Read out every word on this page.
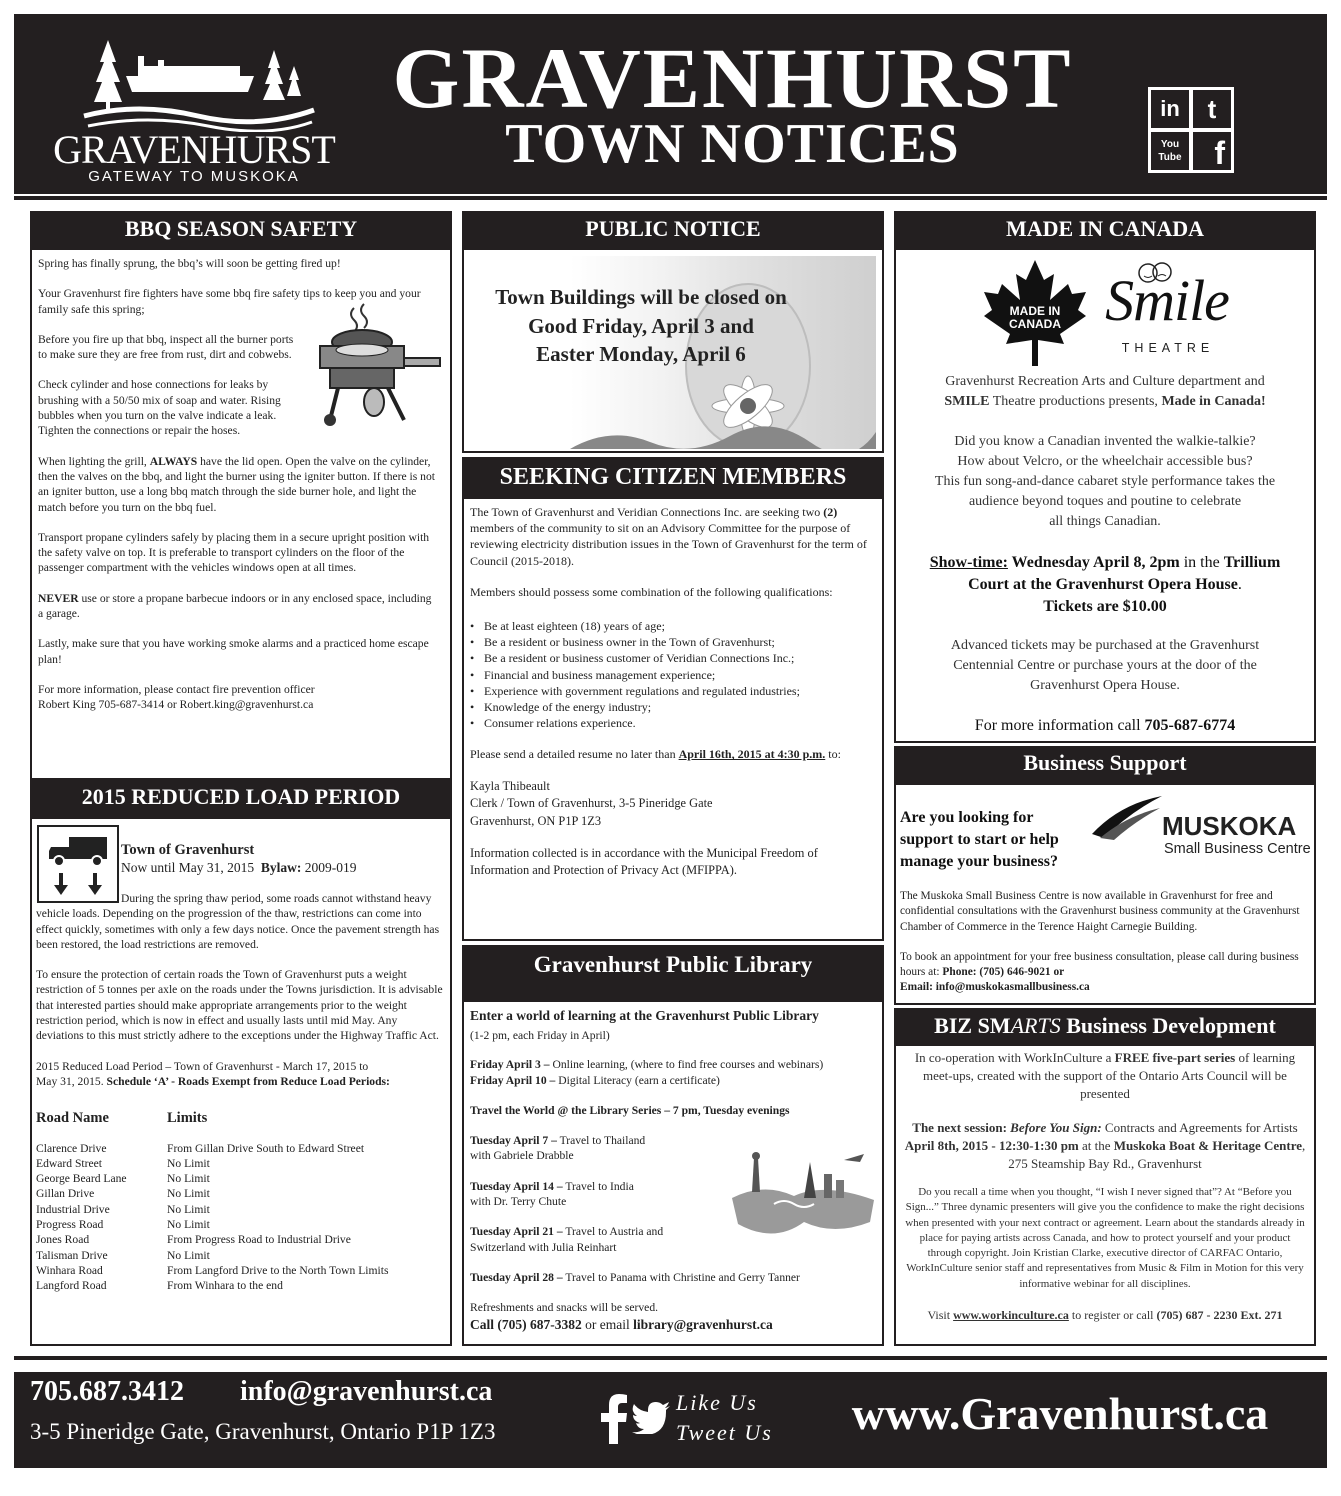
GRAVENHURST
GATEWAY TO MUSKOKA
GRAVENHURST
TOWN NOTICES
in	t
You Tube	f
BBQ SEASON SAFETY

Spring has finally sprung, the bbq’s will soon be getting fired up!

Your Gravenhurst fire fighters have some bbq fire safety tips to keep you and your family safe this spring;

Before you fire up that bbq, inspect all the burner ports to make sure they are free from rust, dirt and cobwebs.

Check cylinder and hose connections for leaks by brushing with a 50/50 mix of soap and water. Rising bubbles when you turn on the valve indicate a leak. Tighten the connections or repair the hoses.

When lighting the grill, ALWAYS have the lid open. Open the valve on the cylinder, then the valves on the bbq, and light the burner using the igniter button. If there is not an igniter button, use a long bbq match through the side burner hole, and light the match before you turn on the bbq fuel.

Transport propane cylinders safely by placing them in a secure upright position with the safety valve on top. It is preferable to transport cylinders on the floor of the passenger compartment with the vehicles windows open at all times.

NEVER use or store a propane barbecue indoors or in any enclosed space, including a garage.

Lastly, make sure that you have working smoke alarms and a practiced home escape plan!

For more information, please contact fire prevention officer
Robert King 705-687-3414 or Robert.king@gravenhurst.ca

2015 REDUCED LOAD PERIOD
Town of Gravenhurst
Now until May 31, 2015 Bylaw: 2009-019

During the spring thaw period, some roads cannot withstand heavy vehicle loads. Depending on the progression of the thaw, restrictions can come into effect quickly, sometimes with only a few days notice. Once the pavement strength has been restored, the load restrictions are removed.

To ensure the protection of certain roads the Town of Gravenhurst puts a weight restriction of 5 tonnes per axle on the roads under the Towns jurisdiction. It is advisable that interested parties should make appropriate arrangements prior to the weight restriction period, which is now in effect and usually lasts until mid May. Any deviations to this must strictly adhere to the exceptions under the Highway Traffic Act.

2015 Reduced Load Period – Town of Gravenhurst - March 17, 2015 to
May 31, 2015. Schedule ‘A’ - Roads Exempt from Reduce Load Periods:

Road Name	Limits
Clarence Drive	From Gillan Drive South to Edward Street
Edward Street	No Limit
George Beard Lane	No Limit
Gillan Drive	No Limit
Industrial Drive	No Limit
Progress Road	No Limit
Jones Road	From Progress Road to Industrial Drive
Talisman Drive	No Limit
Winhara Road	From Langford Drive to the North Town Limits
Langford Road	From Winhara to the end
PUBLIC NOTICE
Town Buildings will be closed on
Good Friday, April 3 and
Easter Monday, April 6
SEEKING CITIZEN MEMBERS

The Town of Gravenhurst and Veridian Connections Inc. are seeking two (2) members of the community to sit on an Advisory Committee for the purpose of reviewing electricity distribution issues in the Town of Gravenhurst for the term of Council (2015-2018).

Members should possess some combination of the following qualifications:

• Be at least eighteen (18) years of age;
• Be a resident or business owner in the Town of Gravenhurst;
• Be a resident or business customer of Veridian Connections Inc.;
• Financial and business management experience;
• Experience with government regulations and regulated industries;
• Knowledge of the energy industry;
• Consumer relations experience.

Please send a detailed resume no later than April 16th, 2015 at 4:30 p.m. to:

Kayla Thibeault
Clerk / Town of Gravenhurst, 3-5 Pineridge Gate
Gravenhurst, ON P1P 1Z3

Information collected is in accordance with the Municipal Freedom of Information and Protection of Privacy Act (MFIPPA).

Gravenhurst Public Library
Enter a world of learning at the Gravenhurst Public Library

(1-2 pm, each Friday in April)

Friday April 3 – Online learning, (where to find free courses and webinars)
Friday April 10 – Digital Literacy (earn a certificate)

Travel the World @ the Library Series – 7 pm, Tuesday evenings

Tuesday April 7 – Travel to Thailand
with Gabriele Drabble

Tuesday April 14 – Travel to India
with Dr. Terry Chute

Tuesday April 21 – Travel to Austria and
Switzerland with Julia Reinhart

Tuesday April 28 – Travel to Panama with Christine and Gerry Tanner

Refreshments and snacks will be served.
Call (705) 687-3382 or email library@gravenhurst.ca
MADE IN CANADA
MADE IN
CANADA Smile
THEATRE
Gravenhurst Recreation Arts and Culture department and
SMILE Theatre productions presents, Made in Canada!
Did you know a Canadian invented the walkie-talkie?
How about Velcro, or the wheelchair accessible bus?
This fun song-and-dance cabaret style performance takes the
audience beyond toques and poutine to celebrate
all things Canadian.
Show-time: Wednesday April 8, 2pm in the Trillium
Court at the Gravenhurst Opera House.
Tickets are $10.00
Advanced tickets may be purchased at the Gravenhurst
Centennial Centre or purchase yours at the door of the
Gravenhurst Opera House.
For more information call 705-687-6774
Business Support
Are you looking for support to start or help manage your business?
MUSKOKA
Small Business Centre

The Muskoka Small Business Centre is now available in Gravenhurst for free and confidential consultations with the Gravenhurst business community at the Gravenhurst Chamber of Commerce in the Terence Haight Carnegie Building.

To book an appointment for your free business consultation, please call during business hours at: Phone: (705) 646-9021 or
Email: info@muskokasmallbusiness.ca
BIZ SMARTS Business Development
In co-operation with WorkInCulture a FREE five-part series of learning meet-ups, created with the support of the Ontario Arts Council will be presented
The next session: Before You Sign: Contracts and Agreements for Artists April 8th, 2015 - 12:30-1:30 pm at the Muskoka Boat & Heritage Centre, 275 Steamship Bay Rd., Gravenhurst
Do you recall a time when you thought, “I wish I never signed that”? At “Before you Sign...” Three dynamic presenters will give you the confidence to make the right decisions when presented with your next contract or agreement. Learn about the standards already in place for paying artists across Canada, and how to protect yourself and your product through copyright. Join Kristian Clarke, executive director of CARFAC Ontario, WorkInCulture senior staff and representatives from Music & Film in Motion for this very informative webinar for all disciplines.
Visit www.workinculture.ca to register or call (705) 687 - 2230 Ext. 271
705.687.3412 info@gravenhurst.ca
3-5 Pineridge Gate, Gravenhurst, Ontario P1P 1Z3
Like Us
Tweet Us	www.Gravenhurst.ca
